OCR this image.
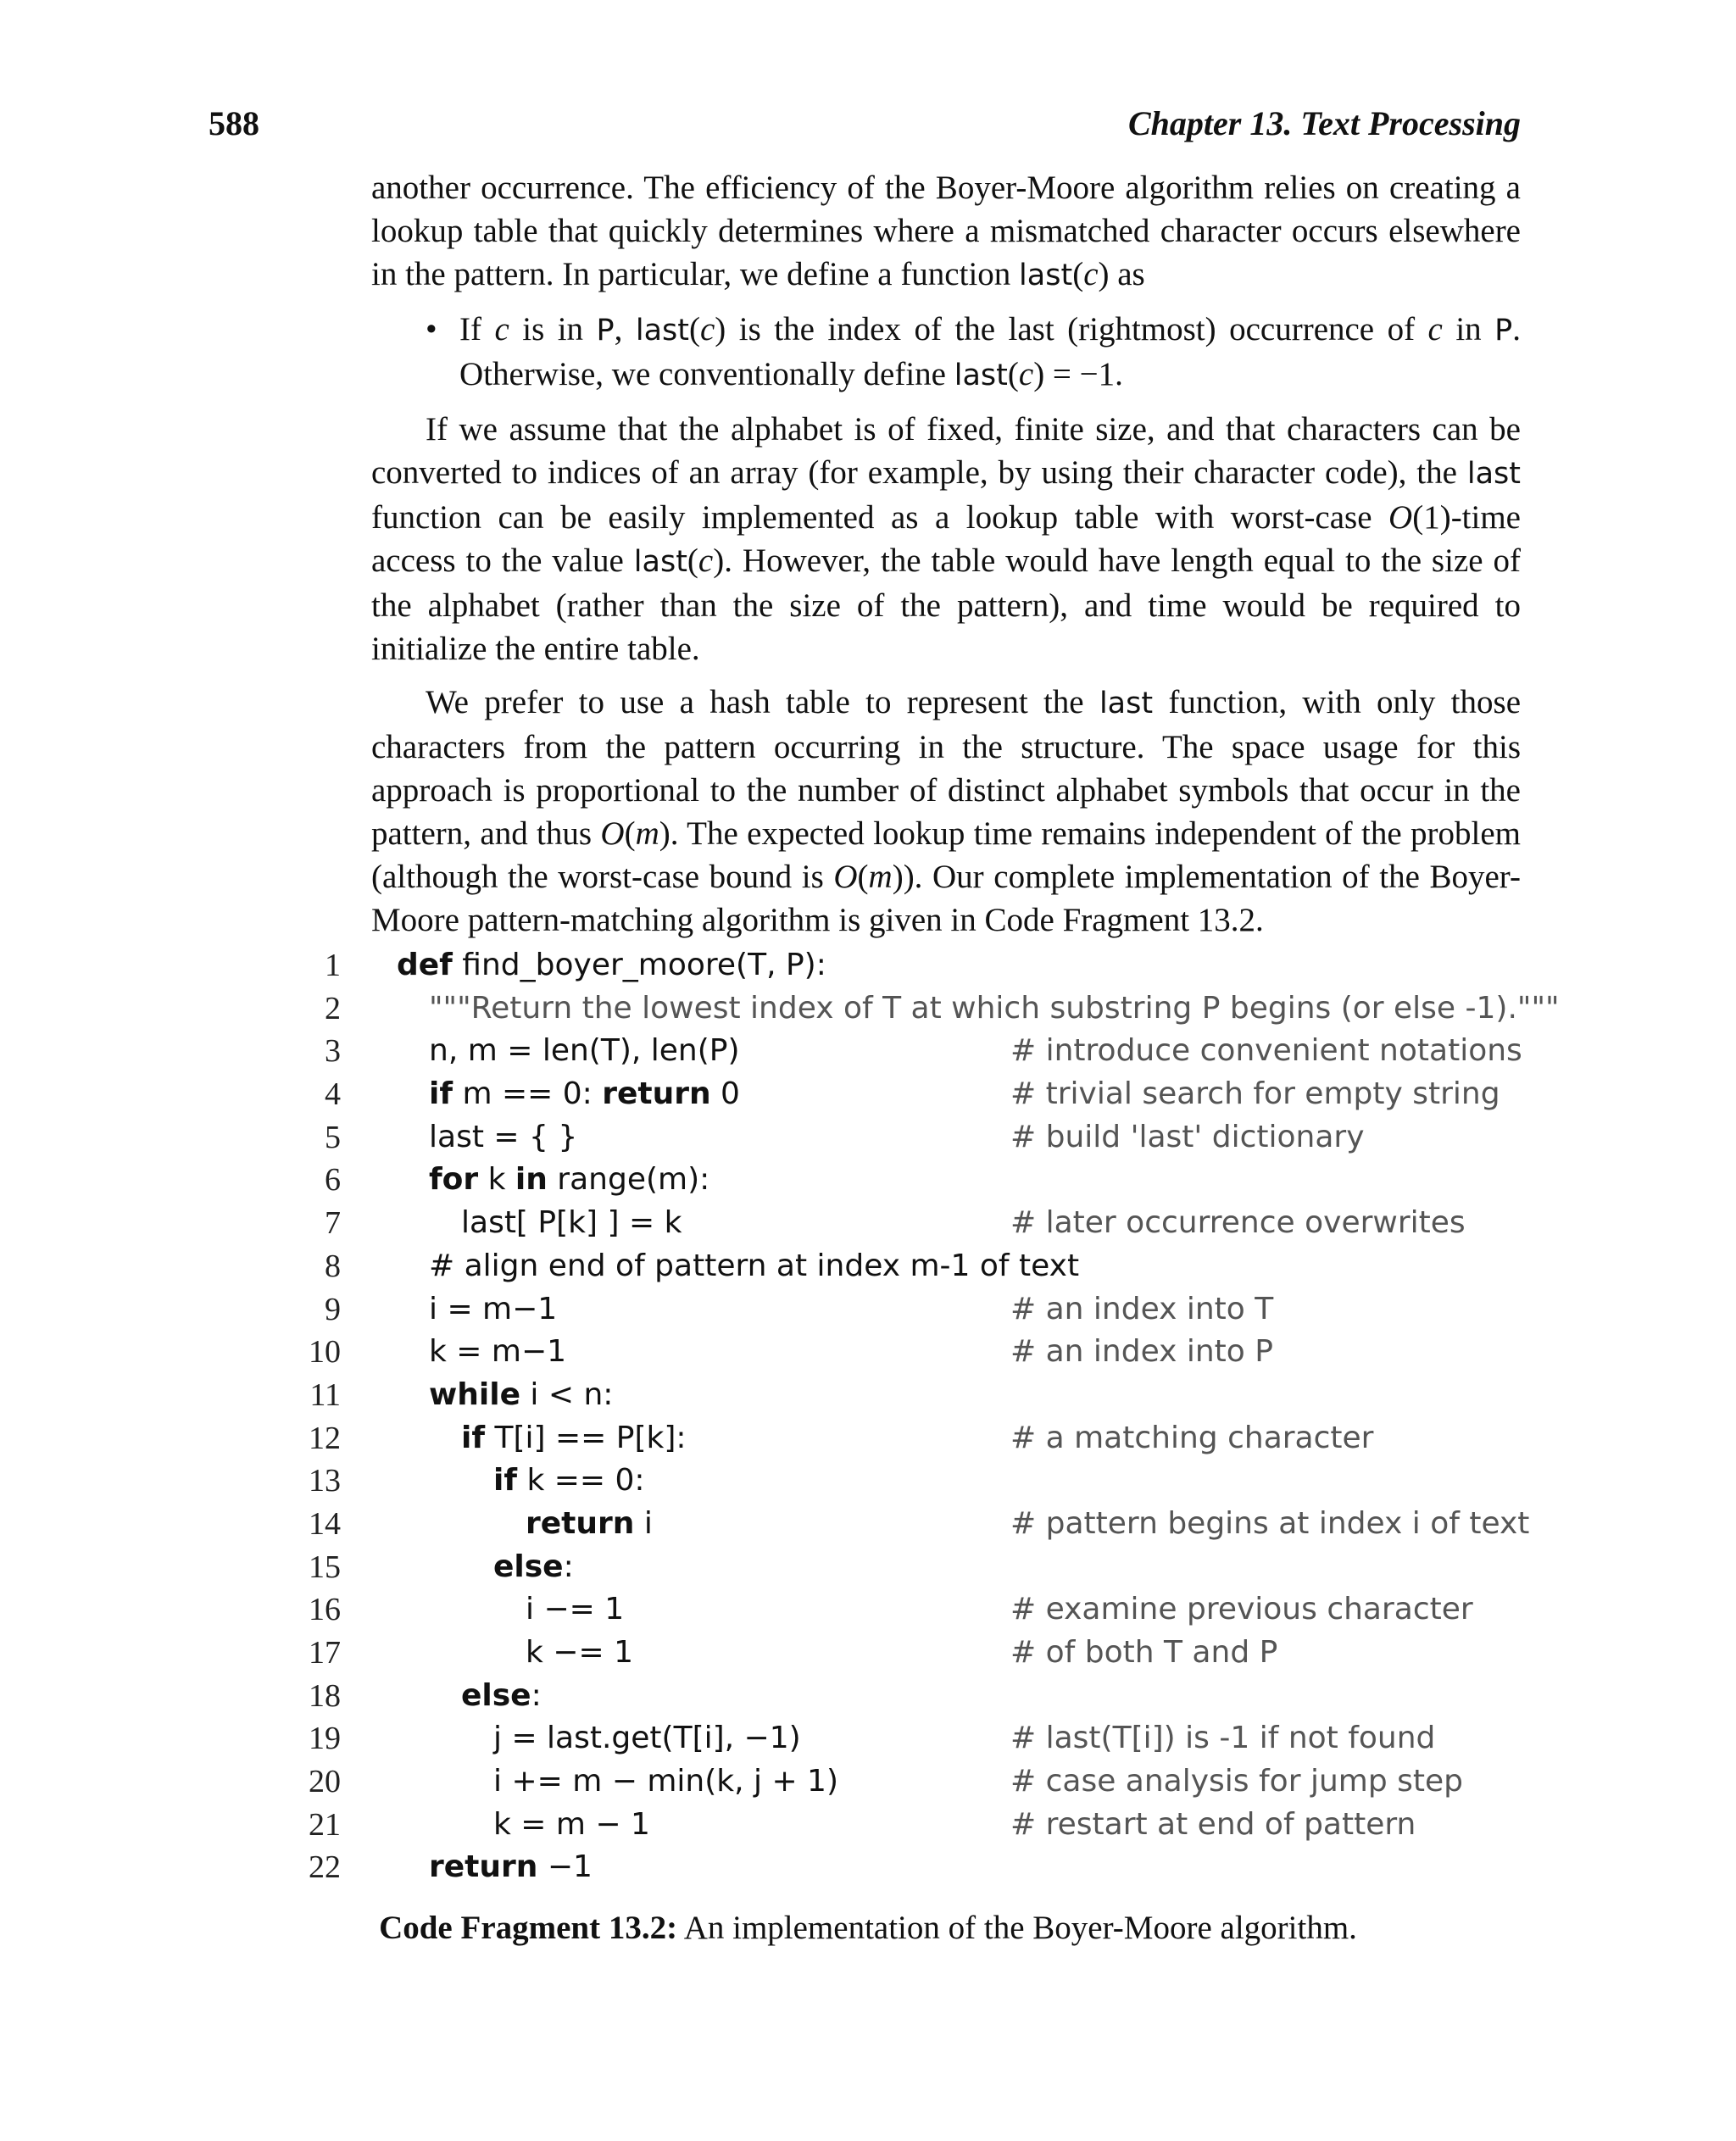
588	Chapter 13. Text Processing

another occurrence. The efficiency of the Boyer-Moore algorithm relies on creating a lookup table that quickly determines where a mismatched character occurs elsewhere in the pattern. In particular, we define a function last(c) as

• If c is in P, last(c) is the index of the last (rightmost) occurrence of c in P. Otherwise, we conventionally define last(c) = −1.

If we assume that the alphabet is of fixed, finite size, and that characters can be converted to indices of an array (for example, by using their character code), the last function can be easily implemented as a lookup table with worst-case O(1)-time access to the value last(c). However, the table would have length equal to the size of the alphabet (rather than the size of the pattern), and time would be required to initialize the entire table.

We prefer to use a hash table to represent the last function, with only those characters from the pattern occurring in the structure. The space usage for this approach is proportional to the number of distinct alphabet symbols that occur in the pattern, and thus O(m). The expected lookup time remains independent of the problem (although the worst-case bound is O(m)). Our complete implementation of the Boyer-Moore pattern-matching algorithm is given in Code Fragment 13.2.

1 def find_boyer_moore(T, P):
2	"""Return the lowest index of T at which substring P begins (or else -1)."""
3	n, m = len(T), len(P)	# introduce convenient notations
4	if m == 0: return 0	# trivial search for empty string
5	last = { }	# build 'last' dictionary
6	for k in range(m):
7	last[ P[k] ] = k	# later occurrence overwrites
8	# align end of pattern at index m-1 of text
9	i = m−1	# an index into T
10	k = m−1	# an index into P
11	while i < n:
12	if T[i] == P[k]:	# a matching character
13	if k == 0:
14	return i	# pattern begins at index i of text
15	else:
16	i −= 1	# examine previous character
17	k −= 1	# of both T and P
18	else:
19	j = last.get(T[i], −1)	# last(T[i]) is -1 if not found
20	i += m − min(k, j + 1)	# case analysis for jump step
21	k = m − 1	# restart at end of pattern
22	return −1
Code Fragment 13.2: An implementation of the Boyer-Moore algorithm.
